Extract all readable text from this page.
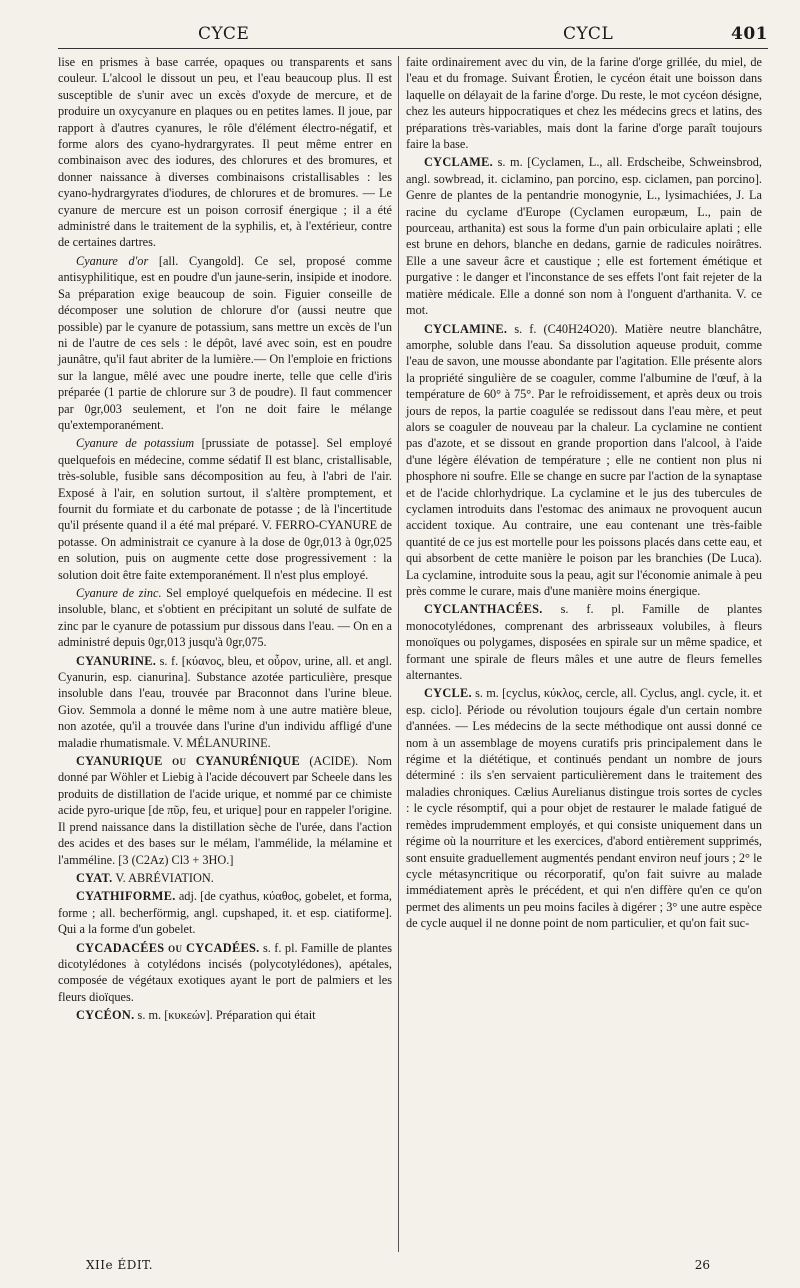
CYCE	CYCL	401

lise en prismes à base carrée, opaques ou transparents et sans couleur. L'alcool le dissout un peu, et l'eau beaucoup plus. Il est susceptible de s'unir avec un excès d'oxyde de mercure, et de produire un oxycyanure en plaques ou en petites lames. Il joue, par rapport à d'autres cyanures, le rôle d'élément électro-négatif, et forme alors des cyano-hydrargyrates. Il peut même entrer en combinaison avec des iodures, des chlorures et des bromures, et donner naissance à diverses combinaisons cristallisables : les cyano-hydrargyrates d'iodures, de chlorures et de bromures. — Le cyanure de mercure est un poison corrosif énergique ; il a été administré dans le traitement de la syphilis, et, à l'extérieur, contre de certaines dartres.

Cyanure d'or [all. Cyangold]. Ce sel, proposé comme antisyphilitique, est en poudre d'un jaune-serin, insipide et inodore. Sa préparation exige beaucoup de soin. Figuier conseille de décomposer une solution de chlorure d'or (aussi neutre que possible) par le cyanure de potassium, sans mettre un excès de l'un ni de l'autre de ces sels : le dépôt, lavé avec soin, est en poudre jaunâtre, qu'il faut abriter de la lumière.— On l'emploie en frictions sur la langue, mêlé avec une poudre inerte, telle que celle d'iris préparée (1 partie de chlorure sur 3 de poudre). Il faut commencer par 0gr,003 seulement, et l'on ne doit faire le mélange qu'extemporanément.

Cyanure de potassium [prussiate de potasse]. Sel employé quelquefois en médecine, comme sédatif Il est blanc, cristallisable, très-soluble, fusible sans décomposition au feu, à l'abri de l'air. Exposé à l'air, en solution surtout, il s'altère promptement, et fournit du formiate et du carbonate de potasse ; de là l'incertitude qu'il présente quand il a été mal préparé. V. FERRO-CYANURE de potasse. On administrait ce cyanure à la dose de 0gr,013 à 0gr,025 en solution, puis on augmente cette dose progressivement : la solution doit être faite extemporanément. Il n'est plus employé.

Cyanure de zinc. Sel employé quelquefois en médecine. Il est insoluble, blanc, et s'obtient en précipitant un soluté de sulfate de zinc par le cyanure de potassium pur dissous dans l'eau. — On en a administré depuis 0gr,013 jusqu'à 0gr,075.

CYANURINE. s. f. [κύανος, bleu, et οὖρον, urine, all. et angl. Cyanurin, esp. cianurina]. Substance azotée particulière, presque insoluble dans l'eau, trouvée par Braconnot dans l'urine bleue. Giov. Semmola a donné le même nom à une autre matière bleue, non azotée, qu'il a trouvée dans l'urine d'un individu affligé d'une maladie rhumatismale. V. MÉLANURINE.

CYANURIQUE ou CYANURÉNIQUE (ACIDE). Nom donné par Wöhler et Liebig à l'acide découvert par Scheele dans les produits de distillation de l'acide urique, et nommé par ce chimiste acide pyro-urique [de πῦρ, feu, et urique] pour en rappeler l'origine. Il prend naissance dans la distillation sèche de l'urée, dans l'action des acides et des bases sur le mélam, l'ammélide, la mélamine et l'amméline. [3 (C2Az) Cl3 + 3HO.]

CYAT. V. ABRÉVIATION.

CYATHIFORME. adj. [de cyathus, κύαθος, gobelet, et forma, forme ; all. becherförmig, angl. cupshaped, it. et esp. ciatiforme]. Qui a la forme d'un gobelet.

CYCADACÉES ou CYCADÉES. s. f. pl. Famille de plantes dicotylédones à cotylédons incisés (polycotylédones), apétales, composée de végétaux exotiques ayant le port de palmiers et les fleurs dioïques.

CYCÉON. s. m. [κυκεών]. Préparation qui était

faite ordinairement avec du vin, de la farine d'orge grillée, du miel, de l'eau et du fromage. Suivant Érotien, le cycéon était une boisson dans laquelle on délayait de la farine d'orge. Du reste, le mot cycéon désigne, chez les auteurs hippocratiques et chez les médecins grecs et latins, des préparations très-variables, mais dont la farine d'orge paraît toujours faire la base.

CYCLAME. s. m. [Cyclamen, L., all. Erdscheibe, Schweinsbrod, angl. sowbread, it. ciclamino, pan porcino, esp. ciclamen, pan porcino]. Genre de plantes de la pentandrie monogynie, L., lysimachiées, J. La racine du cyclame d'Europe (Cyclamen europæum, L., pain de pourceau, arthanita) est sous la forme d'un pain orbiculaire aplati ; elle est brune en dehors, blanche en dedans, garnie de radicules noirâtres. Elle a une saveur âcre et caustique ; elle est fortement émétique et purgative : le danger et l'inconstance de ses effets l'ont fait rejeter de la matière médicale. Elle a donné son nom à l'onguent d'arthanita. V. ce mot.

CYCLAMINE. s. f. (C40H24O20). Matière neutre blanchâtre, amorphe, soluble dans l'eau. Sa dissolution aqueuse produit, comme l'eau de savon, une mousse abondante par l'agitation. Elle présente alors la propriété singulière de se coaguler, comme l'albumine de l'œuf, à la température de 60° à 75°. Par le refroidissement, et après deux ou trois jours de repos, la partie coagulée se redissout dans l'eau mère, et peut alors se coaguler de nouveau par la chaleur. La cyclamine ne contient pas d'azote, et se dissout en grande proportion dans l'alcool, à l'aide d'une légère élévation de température ; elle ne contient non plus ni phosphore ni soufre. Elle se change en sucre par l'action de la synaptase et de l'acide chlorhydrique. La cyclamine et le jus des tubercules de cyclamen introduits dans l'estomac des animaux ne provoquent aucun accident toxique. Au contraire, une eau contenant une très-faible quantité de ce jus est mortelle pour les poissons placés dans cette eau, et qui absorbent de cette manière le poison par les branchies (De Luca). La cyclamine, introduite sous la peau, agit sur l'économie animale à peu près comme le curare, mais d'une manière moins énergique.

CYCLANTHACÉES. s. f. pl. Famille de plantes monocotylédones, comprenant des arbrisseaux volubiles, à fleurs monoïques ou polygames, disposées en spirale sur un même spadice, et formant une spirale de fleurs mâles et une autre de fleurs femelles alternantes.

CYCLE. s. m. [cyclus, κύκλος, cercle, all. Cyclus, angl. cycle, it. et esp. ciclo]. Période ou révolution toujours égale d'un certain nombre d'années. — Les médecins de la secte méthodique ont aussi donné ce nom à un assemblage de moyens curatifs pris principalement dans le régime et la diététique, et continués pendant un nombre de jours déterminé : ils s'en servaient particulièrement dans le traitement des maladies chroniques. Cælius Aurelianus distingue trois sortes de cycles : le cycle résomptif, qui a pour objet de restaurer le malade fatigué de remèdes imprudemment employés, et qui consiste uniquement dans un régime où la nourriture et les exercices, d'abord entièrement supprimés, sont ensuite graduellement augmentés pendant environ neuf jours ; 2° le cycle métasyncritique ou récorporatif, qu'on fait suivre au malade immédiatement après le précédent, et qui n'en diffère qu'en ce qu'on permet des aliments un peu moins faciles à digérer ; 3° une autre espèce de cycle auquel il ne donne point de nom particulier, et qu'on fait suc-

XIIe ÉDIT.	26
